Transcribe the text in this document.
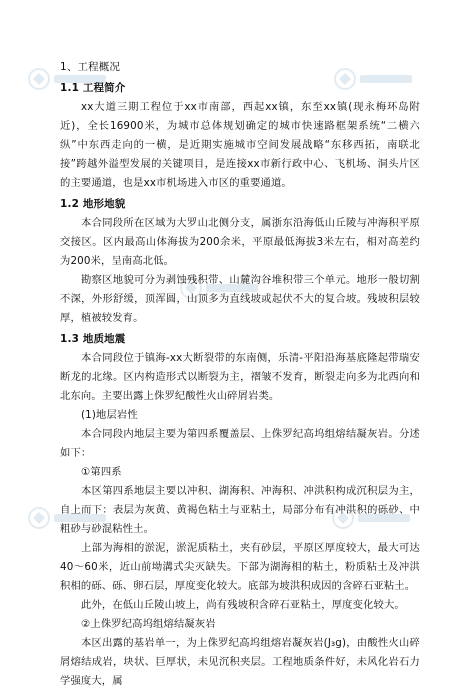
1、工程概况
1.1 工程简介

xx大道三期工程位于xx市南部，西起xx镇，东至xx镇(现永梅环岛附近)，全长16900米，为城市总体规划确定的城市快速路框架系统“二横六纵”中东西走向的一横，是近期实施城市空间发展战略“东移西拓，南联北接”跨越外溢型发展的关键项目，是连接xx市新行政中心、飞机场、洞头片区的主要通道，也是xx市机场进入市区的重要通道。

1.2 地形地貌

本合同段所在区域为大罗山北侧分支，属浙东沿海低山丘陵与冲海积平原交接区。区内最高山体海拔为200余米，平原最低海拔3米左右，相对高差约为200米，呈南高北低。

勘察区地貌可分为剥蚀残积带、山麓沟谷堆积带三个单元。地形一般切割不深，外形舒缓，顶浑圆，山顶多为直线坡或起伏不大的复合坡。残坡积层较厚，植被较发育。

1.3 地质地震

本合同段位于镇海-xx大断裂带的东南侧，乐清-平阳沿海基底隆起带瑞安断龙的北缘。区内构造形式以断裂为主，褶皱不发育，断裂走向多为北西向和北东向。主要出露上侏罗纪酸性火山碎屑岩类。

(1)地层岩性

本合同段内地层主要为第四系覆盖层、上侏罗纪高坞组熔结凝灰岩。分述如下：

①第四系

本区第四系地层主要以冲积、湖海积、冲海积、冲洪积构成沉积层为主，自上而下：表层为灰黄、黄褐色粘土与亚粘土，局部分布有冲洪积的砾砂、中粗砂与砂混粘性土。

上部为海相的淤泥，淤泥质粘土，夹有砂层，平原区厚度较大，最大可达40～60米，近山前坳溝式尖灭缺失。下部为湖海相的粘土，粉质粘土及冲洪积相的砾、砾、卵石层，厚度变化较大。底部为坡洪积成因的含碎石亚粘土。

此外，在低山丘陵山坡上，尚有残坡积含碎石亚粘土，厚度变化较大。

②上侏罗纪高坞组熔结凝灰岩

本区出露的基岩单一，为上侏罗纪高坞组熔岩凝灰岩(J₃g)，由酸性火山碎屑熔结成岩，块状、巨厚状，未见沉积夹层。工程地质条件好，未风化岩石力学强度大，属
